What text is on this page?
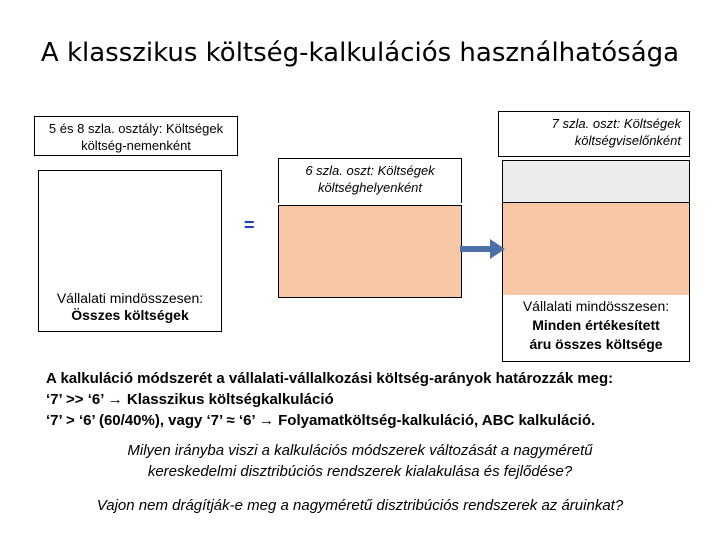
A klasszikus költség-kalkulációs használhatósága
5 és 8 szla. osztály: Költségek költség-nemenként
7 szla. oszt: Költségek
költségviselőnként
6 szla. oszt: Költségek
költséghelyenként
Vállalati mindösszesen:
Összes költségek
=
Vállalati mindösszesen:
Minden értékesített
áru összes költsége
A kalkuláció módszerét a vállalati-vállalkozási költség-arányok határozzák meg:
‘7’ >> ‘6’ → Klasszikus költségkalkuláció
‘7’ > ‘6’ (60/40%), vagy ‘7’ ≈ ‘6’ → Folyamatköltség-kalkuláció, ABC kalkuláció.
Milyen irányba viszi a kalkulációs módszerek változását a nagyméretű
kereskedelmi disztribúciós rendszerek kialakulása és fejlődése?
Vajon nem drágítják-e meg a nagyméretű disztribúciós rendszerek az áruinkat?
